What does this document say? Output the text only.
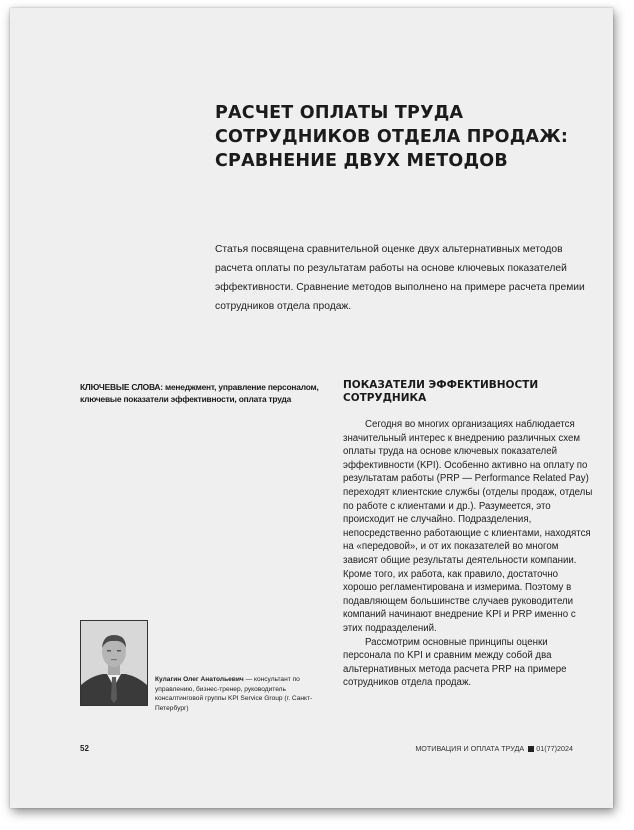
РАСЧЕТ ОПЛАТЫ ТРУДА СОТРУДНИКОВ ОТДЕЛА ПРОДАЖ: СРАВНЕНИЕ ДВУХ МЕТОДОВ
Статья посвящена сравнительной оценке двух альтернативных методов расчета оплаты по результатам работы на основе ключевых показателей эффективности. Сравнение методов выполнено на примере расчета премии сотрудников отдела продаж.
КЛЮЧЕВЫЕ СЛОВА: менеджмент, управление персоналом, ключевые показатели эффективности, оплата труда
Кулагин Олег Анатольевич — консультант по управлению, бизнес-тренер, руководитель консалтинговой группы KPI Service Group (г. Санкт-Петербург)
ПОКАЗАТЕЛИ ЭФФЕКТИВНОСТИ СОТРУДНИКА

Сегодня во многих организациях наблюдается значительный интерес к внедрению различных схем оплаты труда на основе ключевых показателей эффективности (KPI). Особенно активно на оплату по результатам работы (PRP — Performance Related Pay) переходят клиентские службы (отделы продаж, отделы по работе с клиентами и др.). Разумеется, это происходит не случайно. Подразделения, непосредственно работающие с клиентами, находятся на «передовой», и от их показателей во многом зависят общие результаты деятельности компании. Кроме того, их работа, как правило, достаточно хорошо регламентирована и измерима. Поэтому в подавляющем большинстве случаев руководители компаний начинают внедрение KPI и PRP именно с этих подразделений.

Рассмотрим основные принципы оценки персонала по KPI и сравним между собой два альтернативных метода расчета PRP на примере сотрудников отдела продаж.

52	МОТИВАЦИЯ И ОПЛАТА ТРУДА 01(77)2024
